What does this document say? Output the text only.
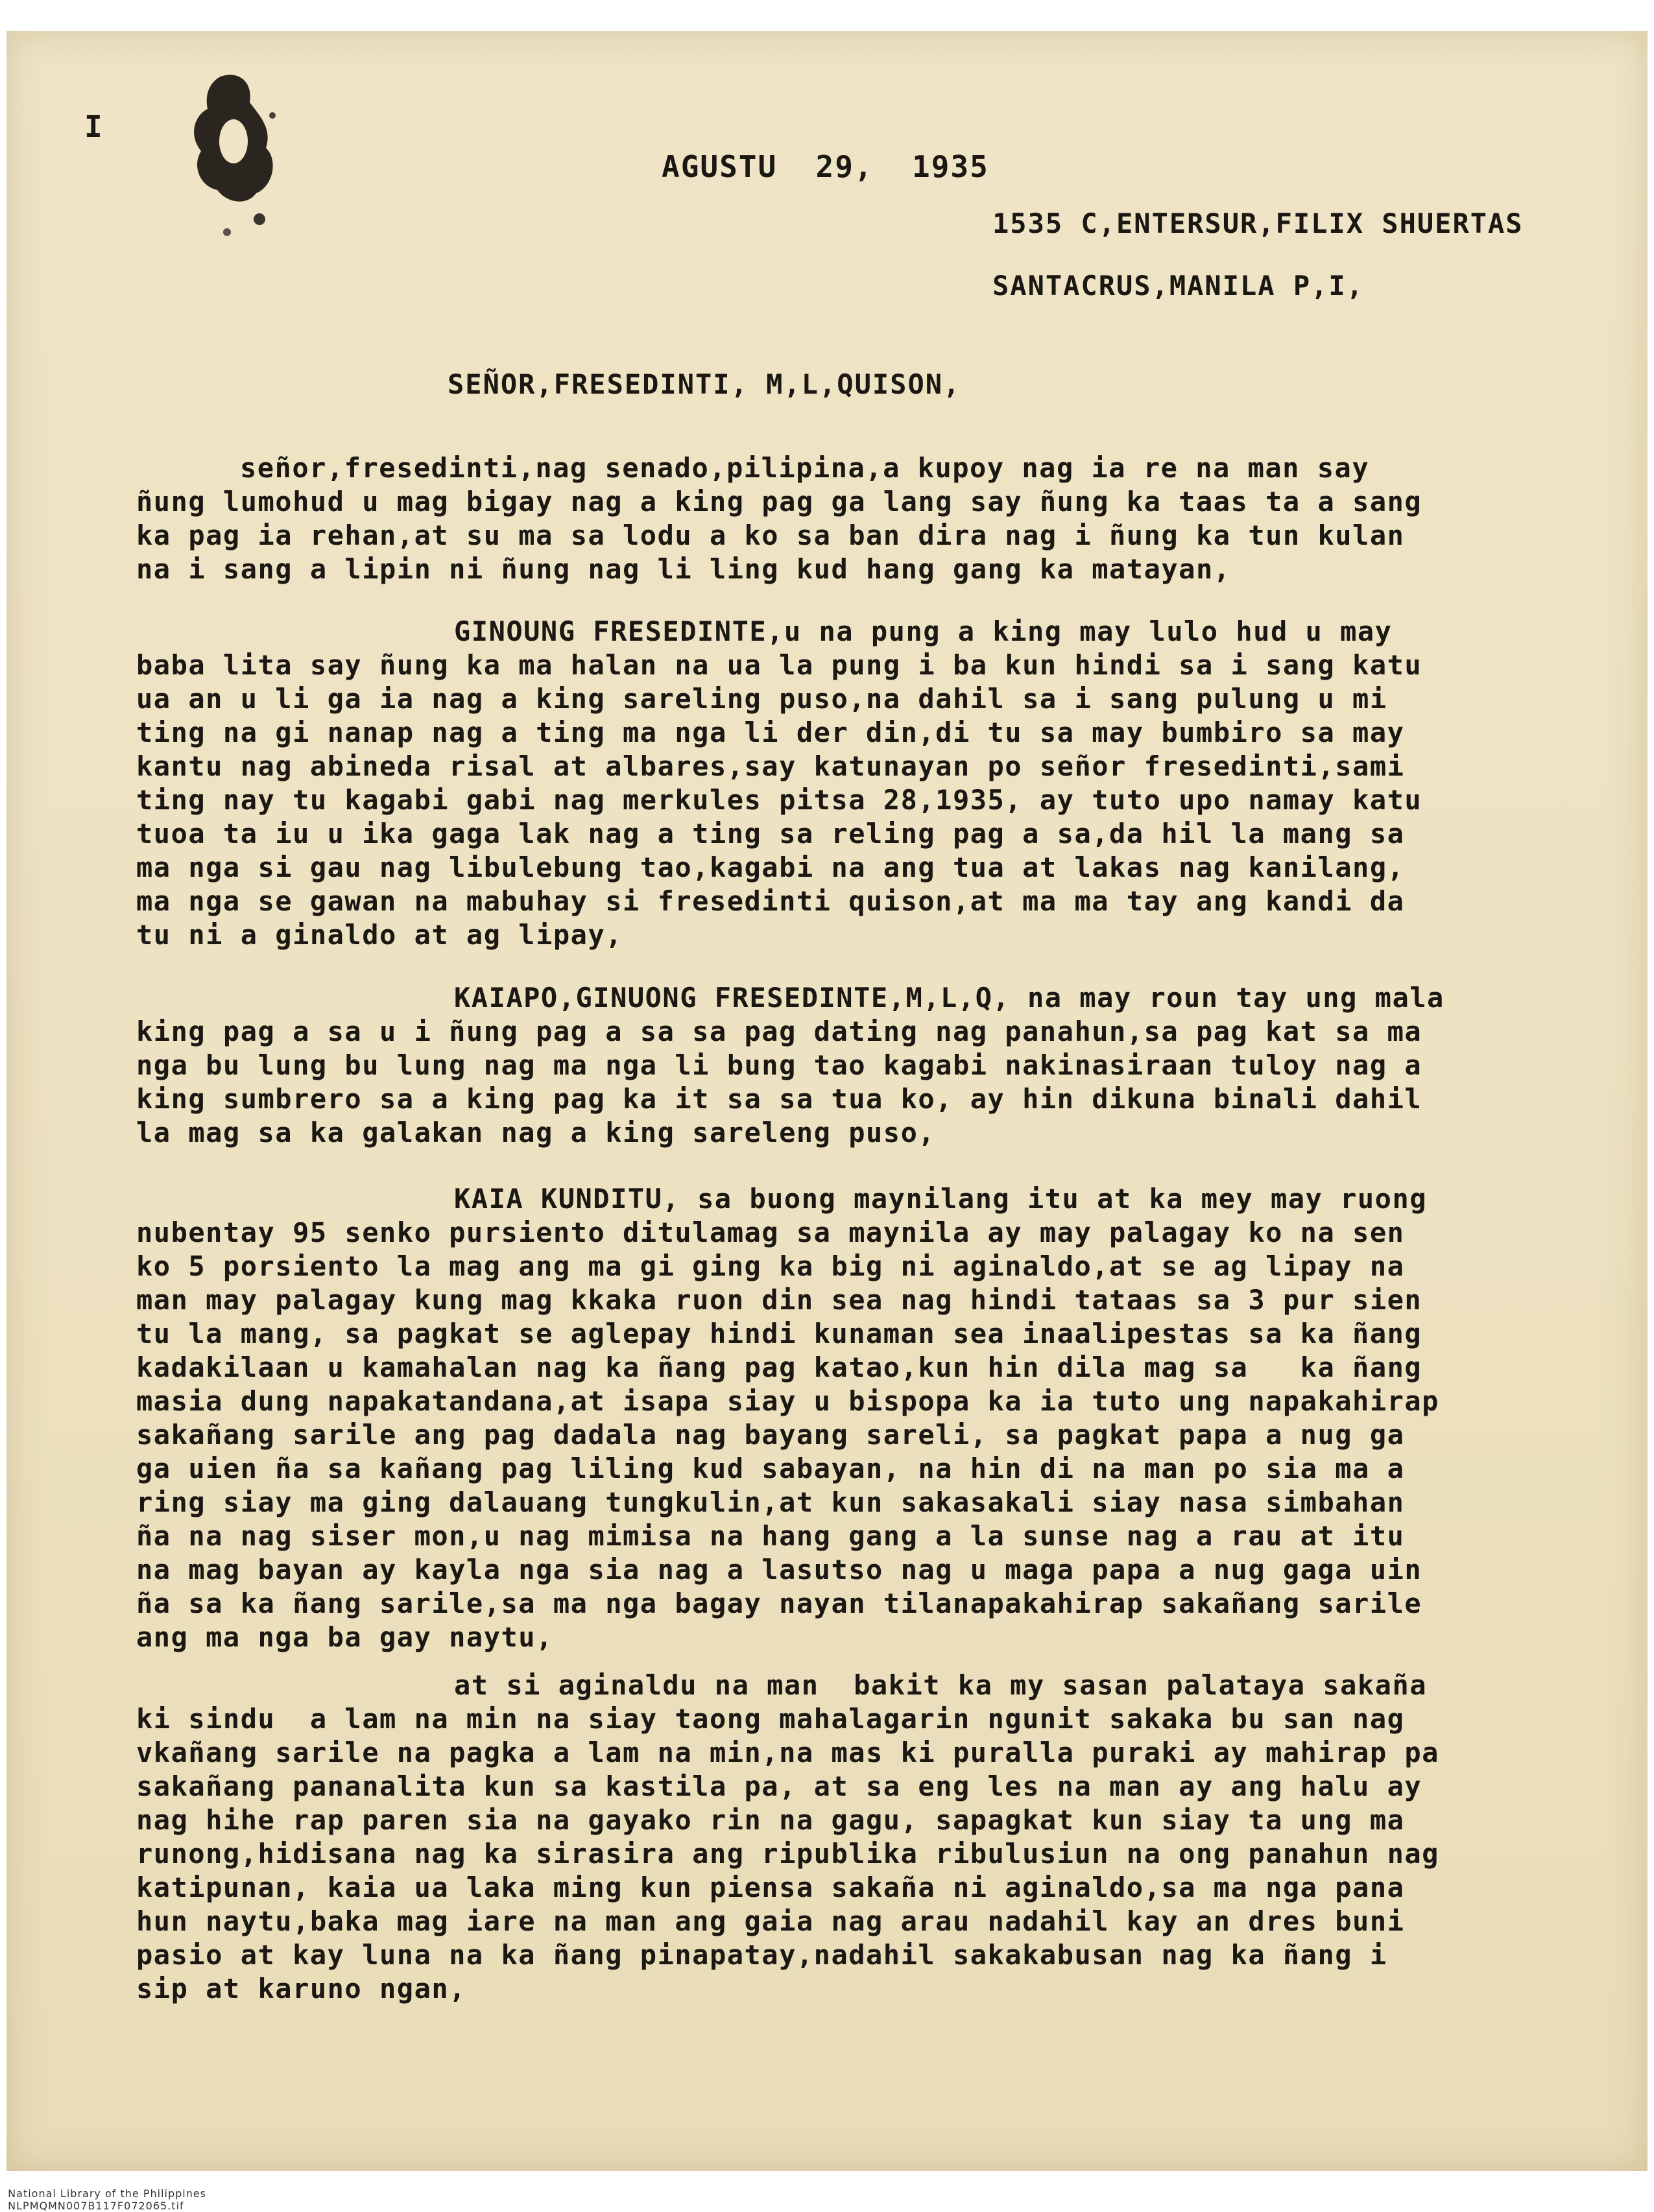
I
AGUSTU  29,  1935
1535 C,ENTERSUR,FILIX SHUERTAS
SANTACRUS,MANILA P,I,
SEÑOR,FRESEDINTI, M,L,QUISON,
señor,fresedinti,nag senado,pilipina,a kupoy nag ia re na man say
ñung lumohud u mag bigay nag a king pag ga lang say ñung ka taas ta a sang
ka pag ia rehan,at su ma sa lodu a ko sa ban dira nag i ñung ka tun kulan
na i sang a lipin ni ñung nag li ling kud hang gang ka matayan,
GINOUNG FRESEDINTE,u na pung a king may lulo hud u may
baba lita say ñung ka ma halan na ua la pung i ba kun hindi sa i sang katu
ua an u li ga ia nag a king sareling puso,na dahil sa i sang pulung u mi
ting na gi nanap nag a ting ma nga li der din,di tu sa may bumbiro sa may
kantu nag abineda risal at albares,say katunayan po señor fresedinti,sami
ting nay tu kagabi gabi nag merkules pitsa 28,1935, ay tuto upo namay katu
tuoa ta iu u ika gaga lak nag a ting sa reling pag a sa,da hil la mang sa
ma nga si gau nag libulebung tao,kagabi na ang tua at lakas nag kanilang,
ma nga se gawan na mabuhay si fresedinti quison,at ma ma tay ang kandi da
tu ni a ginaldo at ag lipay,
KAIAPO,GINUONG FRESEDINTE,M,L,Q, na may roun tay ung mala
king pag a sa u i ñung pag a sa sa pag dating nag panahun,sa pag kat sa ma
nga bu lung bu lung nag ma nga li bung tao kagabi nakinasiraan tuloy nag a
king sumbrero sa a king pag ka it sa sa tua ko, ay hin dikuna binali dahil
la mag sa ka galakan nag a king sareleng puso,
KAIA KUNDITU, sa buong maynilang itu at ka mey may ruong
nubentay 95 senko pursiento ditulamag sa maynila ay may palagay ko na sen
ko 5 porsiento la mag ang ma gi ging ka big ni aginaldo,at se ag lipay na
man may palagay kung mag kkaka ruon din sea nag hindi tataas sa 3 pur sien
tu la mang, sa pagkat se aglepay hindi kunaman sea inaalipestas sa ka ñang
kadakilaan u kamahalan nag ka ñang pag katao,kun hin dila mag sa   ka ñang
masia dung napakatandana,at isapa siay u bispopa ka ia tuto ung napakahirap
sakañang sarile ang pag dadala nag bayang sareli, sa pagkat papa a nug ga
ga uien ña sa kañang pag liling kud sabayan, na hin di na man po sia ma a
ring siay ma ging dalauang tungkulin,at kun sakasakali siay nasa simbahan
ña na nag siser mon,u nag mimisa na hang gang a la sunse nag a rau at itu
na mag bayan ay kayla nga sia nag a lasutso nag u maga papa a nug gaga uin
ña sa ka ñang sarile,sa ma nga bagay nayan tilanapakahirap sakañang sarile
ang ma nga ba gay naytu,
at si aginaldu na man  bakit ka my sasan palataya sakaña
ki sindu  a lam na min na siay taong mahalagarin ngunit sakaka bu san nag
vkañang sarile na pagka a lam na min,na mas ki puralla puraki ay mahirap pa
sakañang pananalita kun sa kastila pa, at sa eng les na man ay ang halu ay
nag hihe rap paren sia na gayako rin na gagu, sapagkat kun siay ta ung ma
runong,hidisana nag ka sirasira ang ripublika ribulusiun na ong panahun nag
katipunan, kaia ua laka ming kun piensa sakaña ni aginaldo,sa ma nga pana
hun naytu,baka mag iare na man ang gaia nag arau nadahil kay an dres buni
pasio at kay luna na ka ñang pinapatay,nadahil sakakabusan nag ka ñang i
sip at karuno ngan,

National Library of the Philippines
NLPMQMN007B117F072065.tif
